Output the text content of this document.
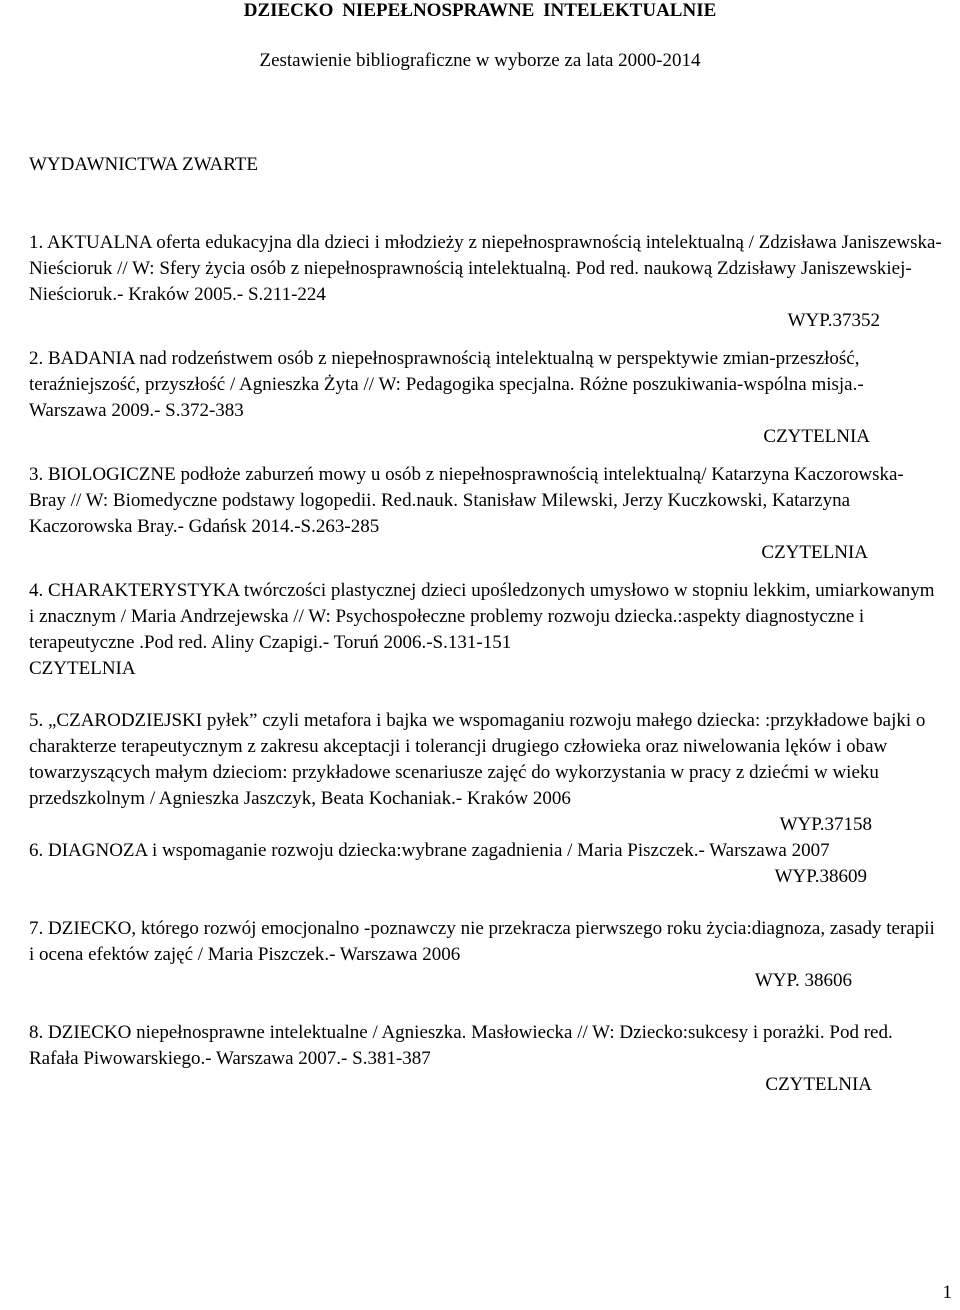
DZIECKO NIEPEŁNOSPRAWNE INTELEKTUALNIE

Zestawienie bibliograficzne w wyborze za lata 2000-2014

WYDAWNICTWA ZWARTE

1. AKTUALNA oferta edukacyjna dla dzieci i młodzieży z niepełnosprawnością intelektualną / Zdzisława Janiszewska-Nieścioruk // W: Sfery życia osób z niepełnosprawnością intelektualną. Pod red. naukową Zdzisławy Janiszewskiej-Nieścioruk.- Kraków 2005.- S.211-224
WYP.37352
2. BADANIA nad rodzeństwem osób z niepełnosprawnością intelektualną w perspektywie zmian-przeszłość, teraźniejszość, przyszłość / Agnieszka Żyta // W: Pedagogika specjalna. Różne poszukiwania-wspólna misja.- Warszawa 2009.- S.372-383
CZYTELNIA
3. BIOLOGICZNE podłoże zaburzeń mowy u osób z niepełnosprawnością intelektualną/ Katarzyna Kaczorowska- Bray // W: Biomedyczne podstawy logopedii. Red.nauk. Stanisław Milewski, Jerzy Kuczkowski, Katarzyna Kaczorowska Bray.- Gdańsk 2014.-S.263-285
CZYTELNIA
4. CHARAKTERYSTYKA twórczości plastycznej dzieci upośledzonych umysłowo w stopniu lekkim, umiarkowanym i znacznym / Maria Andrzejewska // W: Psychospołeczne problemy rozwoju dziecka.:aspekty diagnostyczne i terapeutyczne .Pod red. Aliny Czapigi.- Toruń 2006.-S.131-151
CZYTELNIA
5. „CZARODZIEJSKI pyłek” czyli metafora i bajka we wspomaganiu rozwoju małego dziecka: :przykładowe bajki o charakterze terapeutycznym z zakresu akceptacji i tolerancji drugiego człowieka oraz niwelowania lęków i obaw towarzyszących małym dzieciom: przykładowe scenariusze zajęć do wykorzystania w pracy z dziećmi w wieku przedszkolnym / Agnieszka Jaszczyk, Beata Kochaniak.- Kraków 2006
WYP.37158
6. DIAGNOZA i wspomaganie rozwoju dziecka:wybrane zagadnienia / Maria Piszczek.- Warszawa 2007
WYP.38609
7. DZIECKO, którego rozwój emocjonalno -poznawczy nie przekracza pierwszego roku życia:diagnoza, zasady terapii i ocena efektów zajęć / Maria Piszczek.- Warszawa 2006
WYP. 38606
8. DZIECKO niepełnosprawne intelektualne / Agnieszka. Masłowiecka // W: Dziecko:sukcesy i porażki. Pod red. Rafała Piwowarskiego.- Warszawa 2007.- S.381-387
CZYTELNIA
1
